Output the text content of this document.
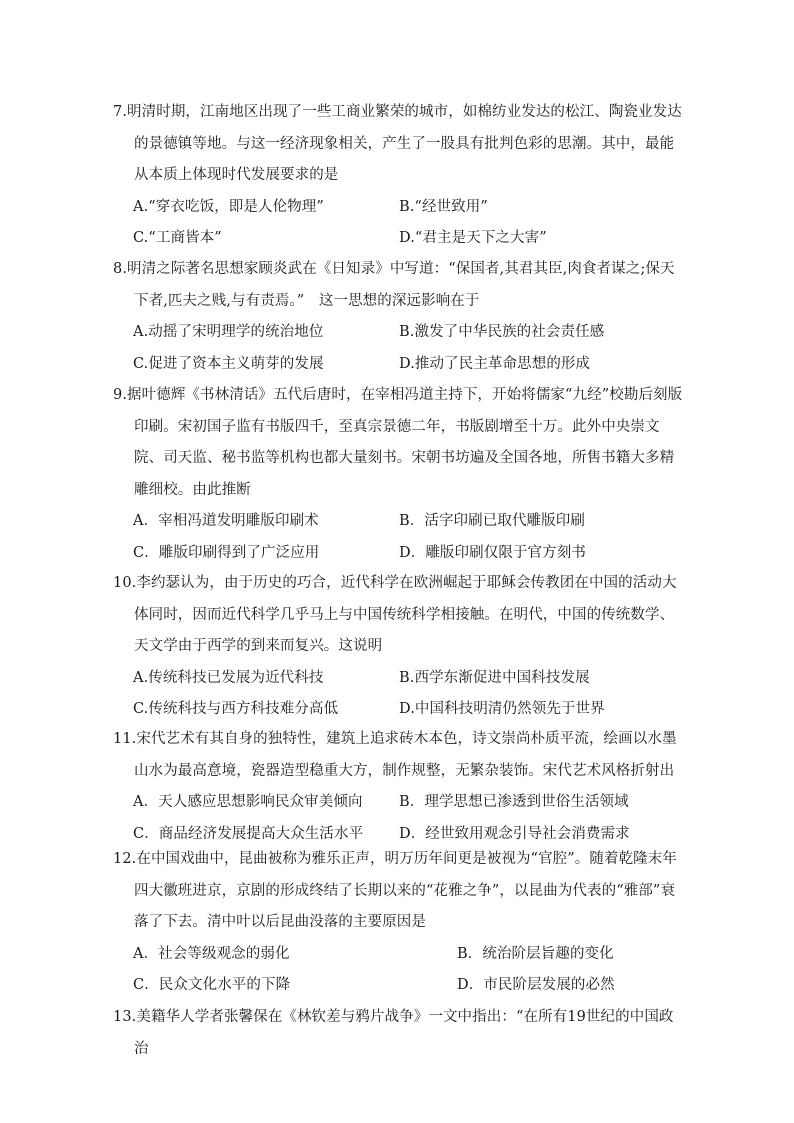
7.明清时期，江南地区出现了一些工商业繁荣的城市，如棉纺业发达的松江、陶瓷业发达的景德镇等地。与这一经济现象相关，产生了一股具有批判色彩的思潮。其中，最能从本质上体现时代发展要求的是

A.“穿衣吃饭，即是人伦物理”	B.“经世致用”
C.“工商皆本”	D.“君主是天下之大害”

8.明清之际著名思想家顾炎武在《日知录》中写道：“保国者,其君其臣,肉食者谋之;保天下者,匹夫之贱,与有责焉。”　这一思想的深远影响在于

A.动摇了宋明理学的统治地位	B.激发了中华民族的社会责任感
C.促进了资本主义萌芽的发展	D.推动了民主革命思想的形成

9.据叶德辉《书林清话》五代后唐时，在宰相冯道主持下，开始将儒家“九经”校勘后刻版印刷。宋初国子监有书版四千，至真宗景德二年，书版剧增至十万。此外中央崇文院、司天监、秘书监等机构也都大量刻书。宋朝书坊遍及全国各地，所售书籍大多精雕细校。由此推断

A．宰相冯道发明雕版印刷术	B．活字印刷已取代雕版印刷
C．雕版印刷得到了广泛应用	D．雕版印刷仅限于官方刻书

10.李约瑟认为，由于历史的巧合，近代科学在欧洲崛起于耶稣会传教团在中国的活动大体同时，因而近代科学几乎马上与中国传统科学相接触。在明代，中国的传统数学、天文学由于西学的到来而复兴。这说明

A.传统科技已发展为近代科技	B.西学东渐促进中国科技发展
C.传统科技与西方科技难分高低	D.中国科技明清仍然领先于世界

11.宋代艺术有其自身的独特性，建筑上追求砖木本色，诗文崇尚朴质平流，绘画以水墨山水为最高意境，瓷器造型稳重大方，制作规整，无繁杂装饰。宋代艺术风格折射出

A．天人感应思想影响民众审美倾向	B．理学思想已渗透到世俗生活领域
C．商品经济发展提高大众生活水平 D．经世致用观念引导社会消费需求

12.在中国戏曲中，昆曲被称为雅乐正声，明万历年间更是被视为“官腔”。随着乾隆末年四大徽班进京，京剧的形成终结了长期以来的“花雅之争”，以昆曲为代表的“雅部”衰落了下去。清中叶以后昆曲没落的主要原因是

A．社会等级观念的弱化	B．统治阶层旨趣的变化
C．民众文化水平的下降	D．市民阶层发展的必然

13.美籍华人学者张馨保在《林钦差与鸦片战争》一文中指出：“在所有19世纪的中国政治
